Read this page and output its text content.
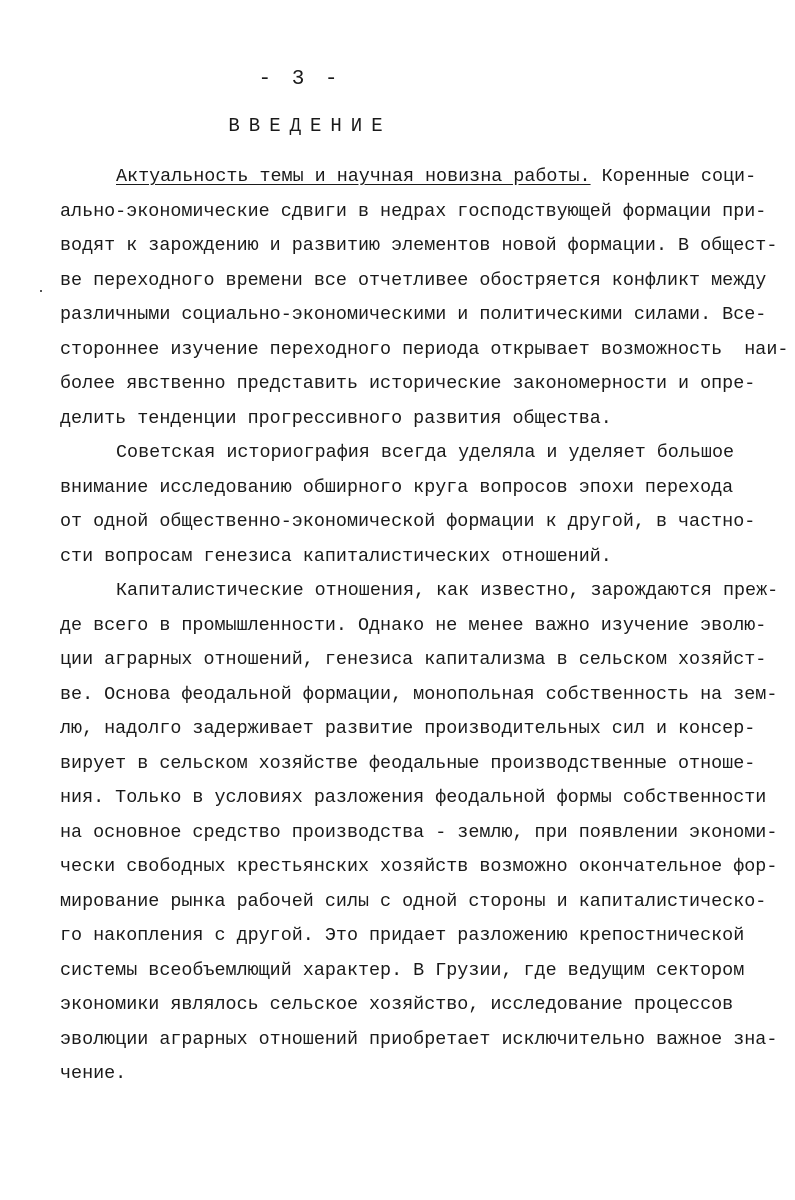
- 3 -
ВВЕДЕНИЕ
Актуальность темы и научная новизна работы. Коренные соци-
ально-экономические сдвиги в недрах господствующей формации при-
водят к зарождению и развитию элементов новой формации. В общест-
ве переходного времени все отчетливее обостряется конфликт между
различными социально-экономическими и политическими силами. Все-
стороннее изучение переходного периода открывает возможность  наи-
более явственно представить исторические закономерности и опре-
делить тенденции прогрессивного развития общества.
Советская историография всегда уделяла и уделяет большое
внимание исследованию обширного круга вопросов эпохи перехода
от одной общественно-экономической формации к другой, в частно-
сти вопросам генезиса капиталистических отношений.
Капиталистические отношения, как известно, зарождаются преж-
де всего в промышленности. Однако не менее важно изучение эволю-
ции аграрных отношений, генезиса капитализма в сельском хозяйст-
ве. Основа феодальной формации, монопольная собственность на зем-
лю, надолго задерживает развитие производительных сил и консер-
вирует в сельском хозяйстве феодальные производственные отноше-
ния. Только в условиях разложения феодальной формы собственности
на основное средство производства - землю, при появлении экономи-
чески свободных крестьянских хозяйств возможно окончательное фор-
мирование рынка рабочей силы с одной стороны и капиталистическо-
го накопления с другой. Это придает разложению крепостнической
системы всеобъемлющий характер. В Грузии, где ведущим сектором
экономики являлось сельское хозяйство, исследование процессов
эволюции аграрных отношений приобретает исключительно важное зна-
чение.
